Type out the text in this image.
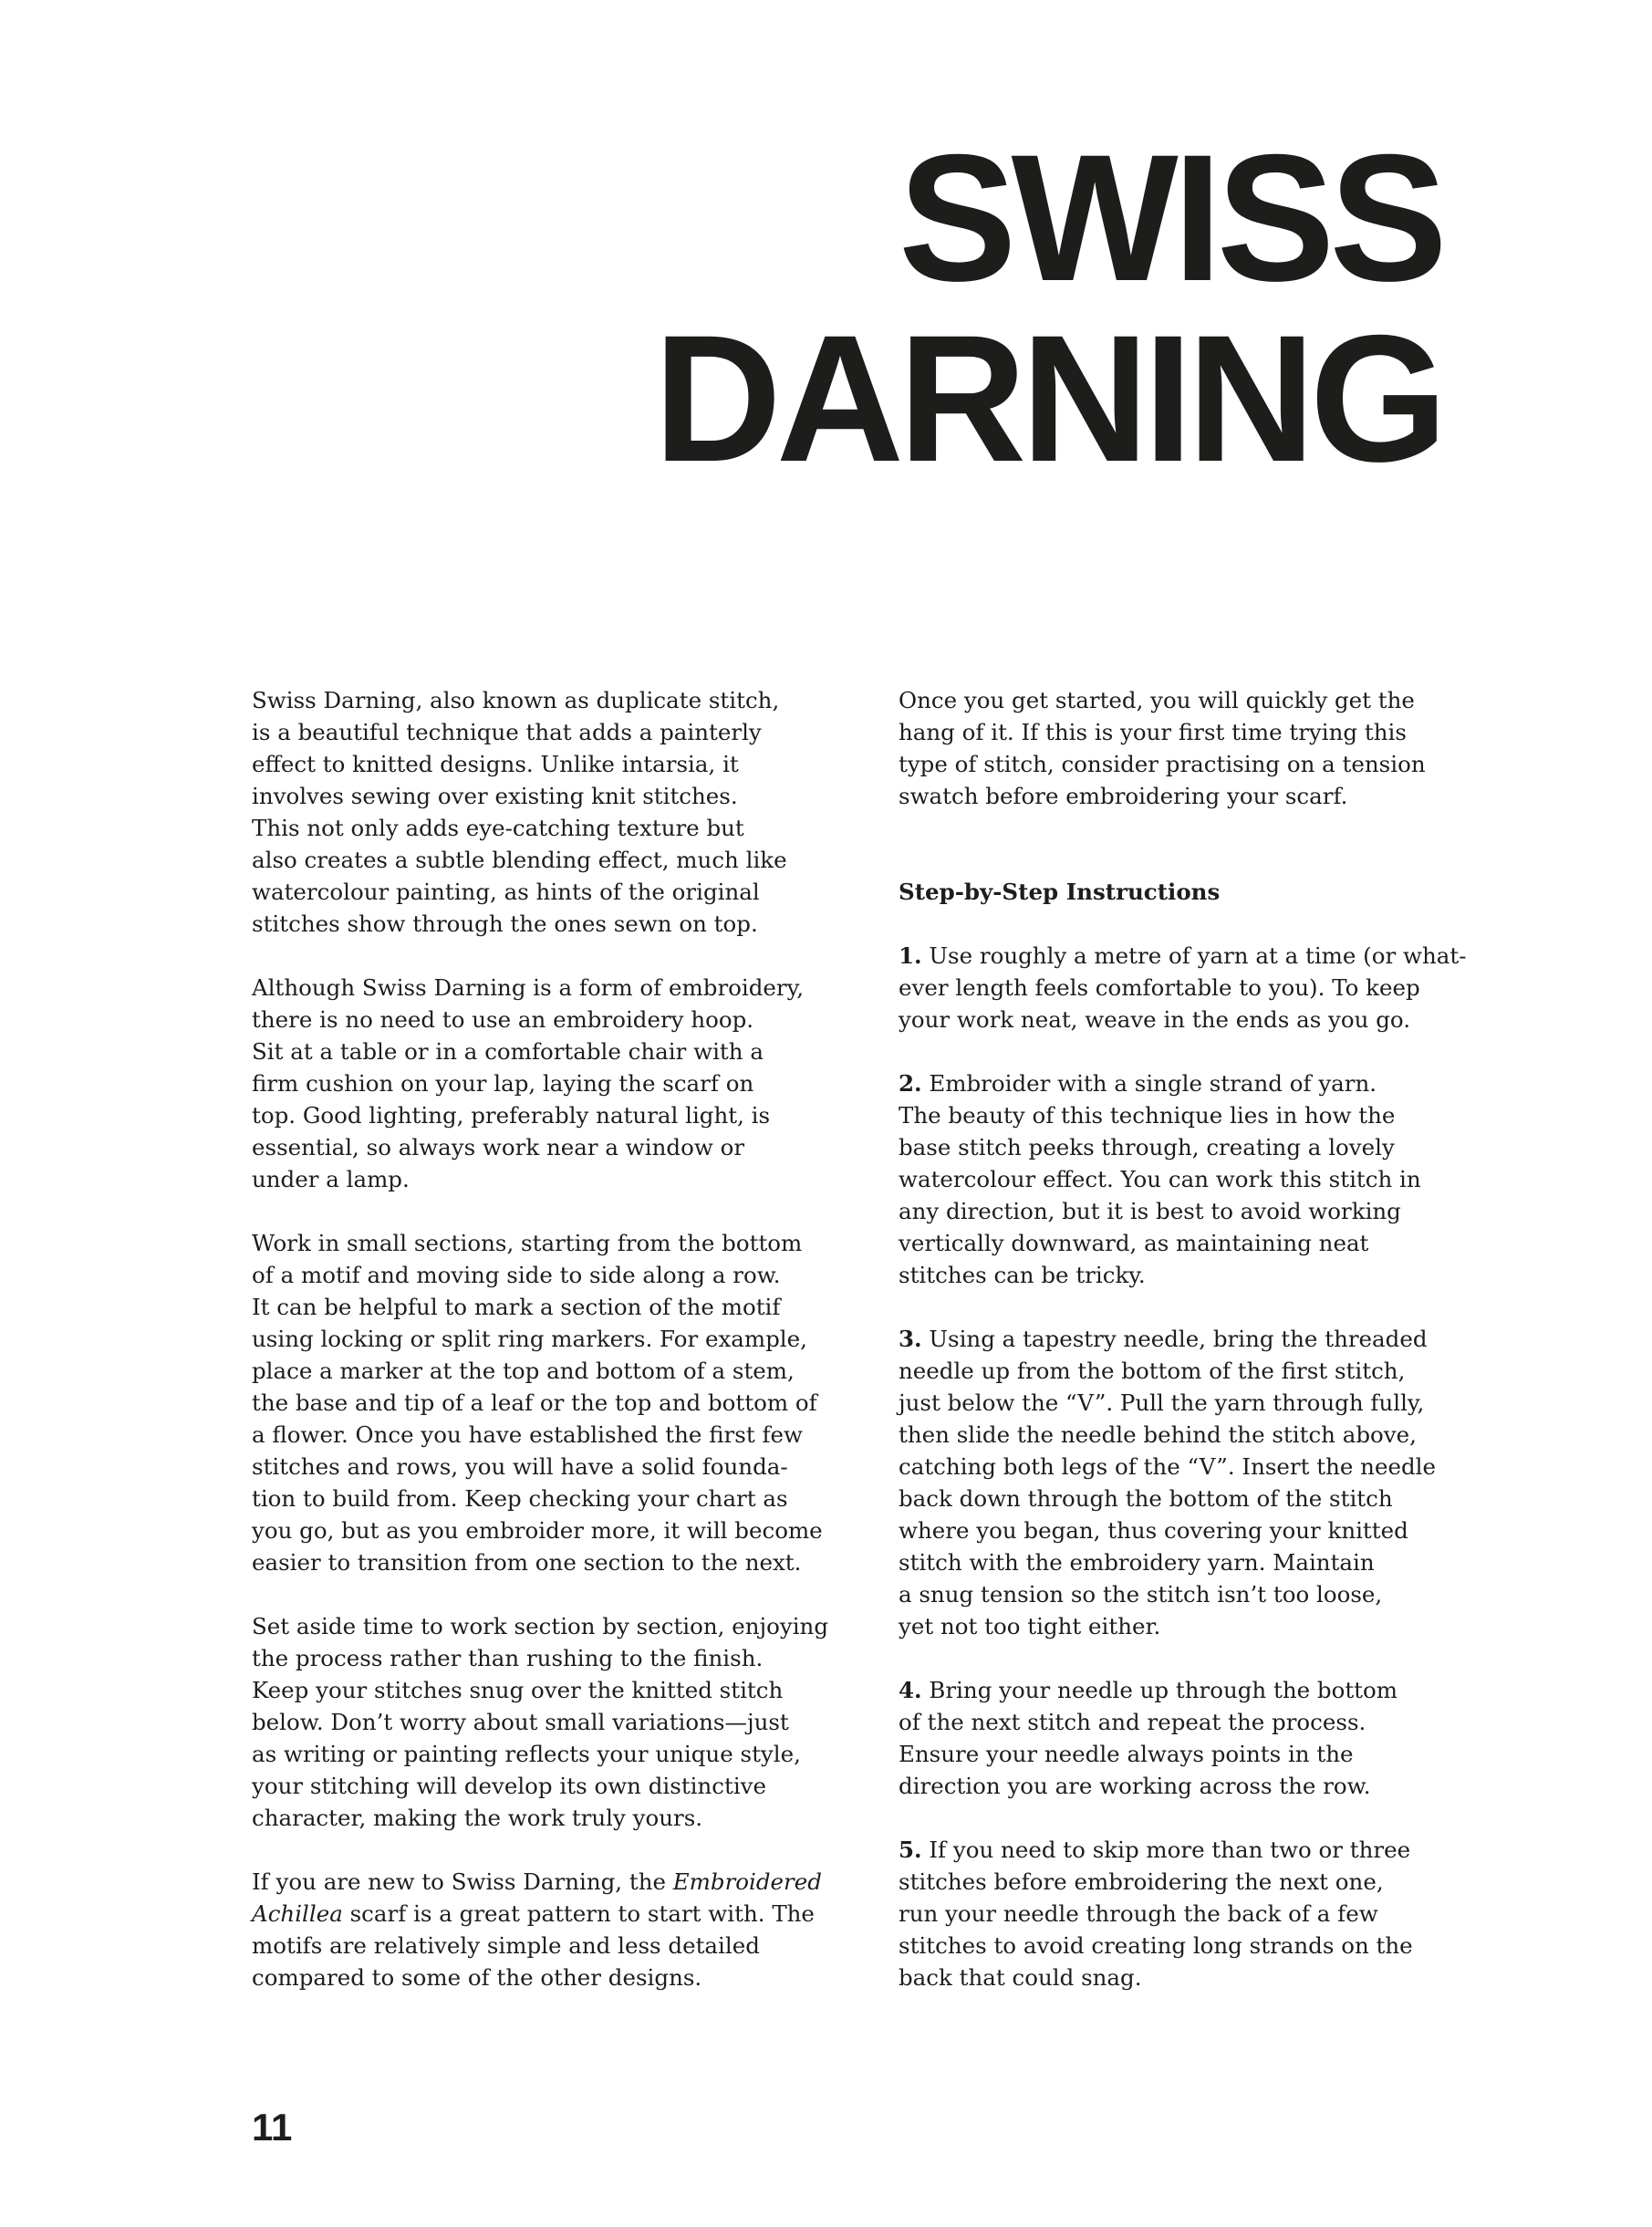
SWISS
DARNING

Swiss Darning, also known as duplicate stitch,
is a beautiful technique that adds a painterly
effect to knitted designs. Unlike intarsia, it
involves sewing over existing knit stitches.
This not only adds eye-catching texture but
also creates a subtle blending effect, much like
watercolour painting, as hints of the original
stitches show through the ones sewn on top.

Although Swiss Darning is a form of embroidery,
there is no need to use an embroidery hoop.
Sit at a table or in a comfortable chair with a
firm cushion on your lap, laying the scarf on
top. Good lighting, preferably natural light, is
essential, so always work near a window or
under a lamp.

Work in small sections, starting from the bottom
of a motif and moving side to side along a row.
It can be helpful to mark a section of the motif
using locking or split ring markers. For example,
place a marker at the top and bottom of a stem,
the base and tip of a leaf or the top and bottom of
a flower. Once you have established the first few
stitches and rows, you will have a solid founda-
tion to build from. Keep checking your chart as
you go, but as you embroider more, it will become
easier to transition from one section to the next.

Set aside time to work section by section, enjoying
the process rather than rushing to the finish.
Keep your stitches snug over the knitted stitch
below. Don’t worry about small variations—just
as writing or painting reflects your unique style,
your stitching will develop its own distinctive
character, making the work truly yours.

If you are new to Swiss Darning, the Embroidered
Achillea scarf is a great pattern to start with. The
motifs are relatively simple and less detailed
compared to some of the other designs.

Once you get started, you will quickly get the
hang of it. If this is your first time trying this
type of stitch, consider practising on a tension
swatch before embroidering your scarf.

Step-by-Step Instructions

1. Use roughly a metre of yarn at a time (or what-
ever length feels comfortable to you). To keep
your work neat, weave in the ends as you go.

2. Embroider with a single strand of yarn.
The beauty of this technique lies in how the
base stitch peeks through, creating a lovely
watercolour effect. You can work this stitch in
any direction, but it is best to avoid working
vertically downward, as maintaining neat
stitches can be tricky.

3. Using a tapestry needle, bring the threaded
needle up from the bottom of the first stitch,
just below the “V”. Pull the yarn through fully,
then slide the needle behind the stitch above,
catching both legs of the “V”. Insert the needle
back down through the bottom of the stitch
where you began, thus covering your knitted
stitch with the embroidery yarn. Maintain
a snug tension so the stitch isn’t too loose,
yet not too tight either.

4. Bring your needle up through the bottom
of the next stitch and repeat the process.
Ensure your needle always points in the
direction you are working across the row.

5. If you need to skip more than two or three
stitches before embroidering the next one,
run your needle through the back of a few
stitches to avoid creating long strands on the
back that could snag.

11
